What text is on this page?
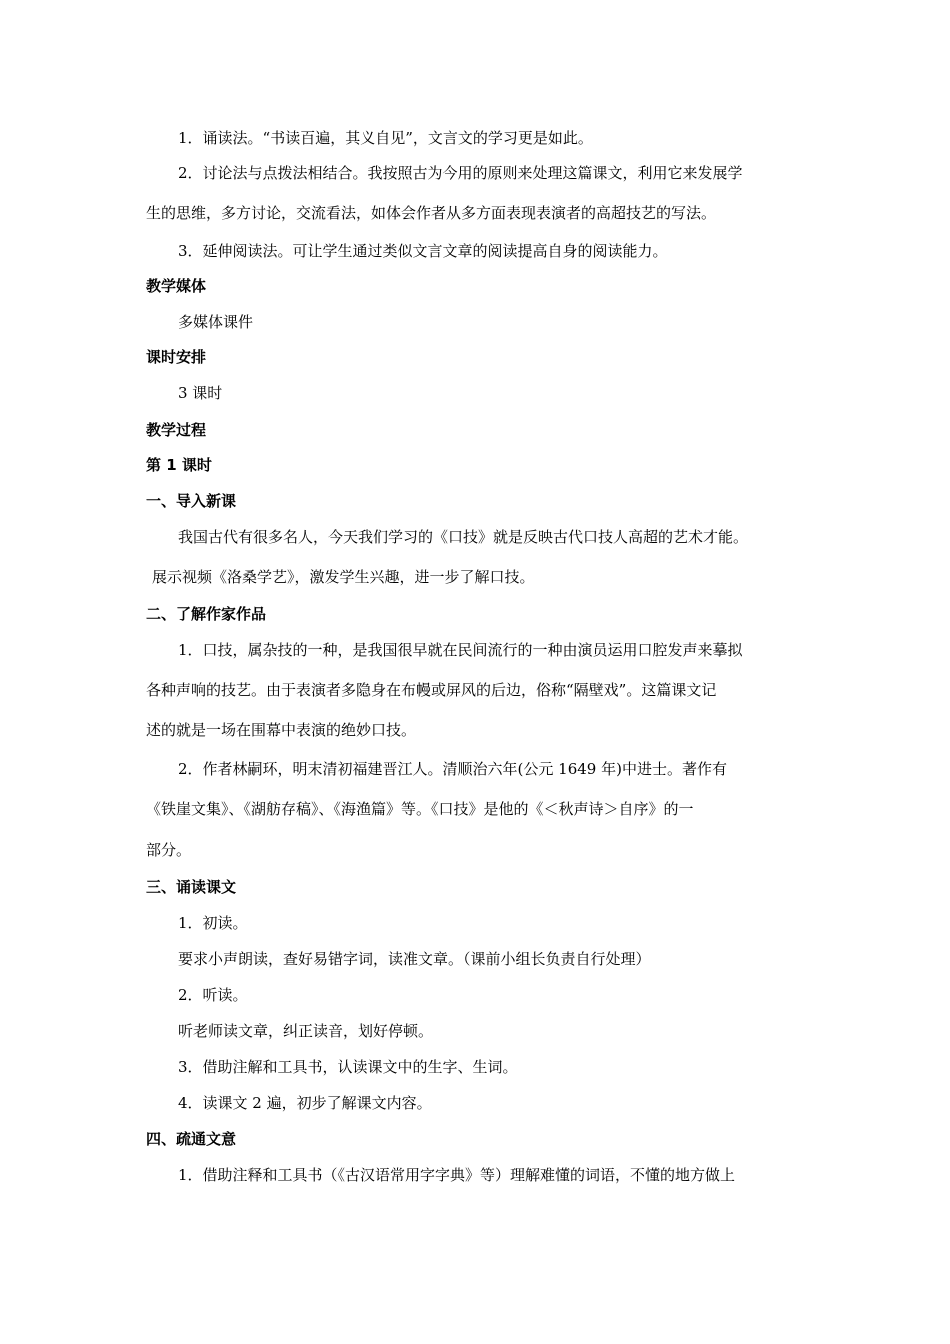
1．诵读法。“书读百遍，其义自见”，文言文的学习更是如此。
2．讨论法与点拨法相结合。我按照古为今用的原则来处理这篇课文，利用它来发展学
生的思维，多方讨论，交流看法，如体会作者从多方面表现表演者的高超技艺的写法。
3．延伸阅读法。可让学生通过类似文言文章的阅读提高自身的阅读能力。
教学媒体
多媒体课件
课时安排
3 课时
教学过程
第 1 课时
一、导入新课
我国古代有很多名人，今天我们学习的《口技》就是反映古代口技人高超的艺术才能。
展示视频《洛桑学艺》，激发学生兴趣，进一步了解口技。
二、了解作家作品
1．口技，属杂技的一种，是我国很早就在民间流行的一种由演员运用口腔发声来摹拟
各种声响的技艺。由于表演者多隐身在布幔或屏风的后边，俗称“隔壁戏”。这篇课文记
述的就是一场在围幕中表演的绝妙口技。
2．作者林嗣环，明末清初福建晋江人。清顺治六年(公元 1649 年)中进士。著作有
《铁崖文集》、《湖舫存稿》、《海渔篇》等。《口技》是他的《＜秋声诗＞自序》的一
部分。
三、诵读课文
1．初读。
要求小声朗读，查好易错字词，读准文章。（课前小组长负责自行处理）
2．听读。
听老师读文章，纠正读音，划好停顿。
3．借助注解和工具书，认读课文中的生字、生词。
4．读课文 2 遍，初步了解课文内容。
四、疏通文意
1．借助注释和工具书（《古汉语常用字字典》等）理解难懂的词语，不懂的地方做上
